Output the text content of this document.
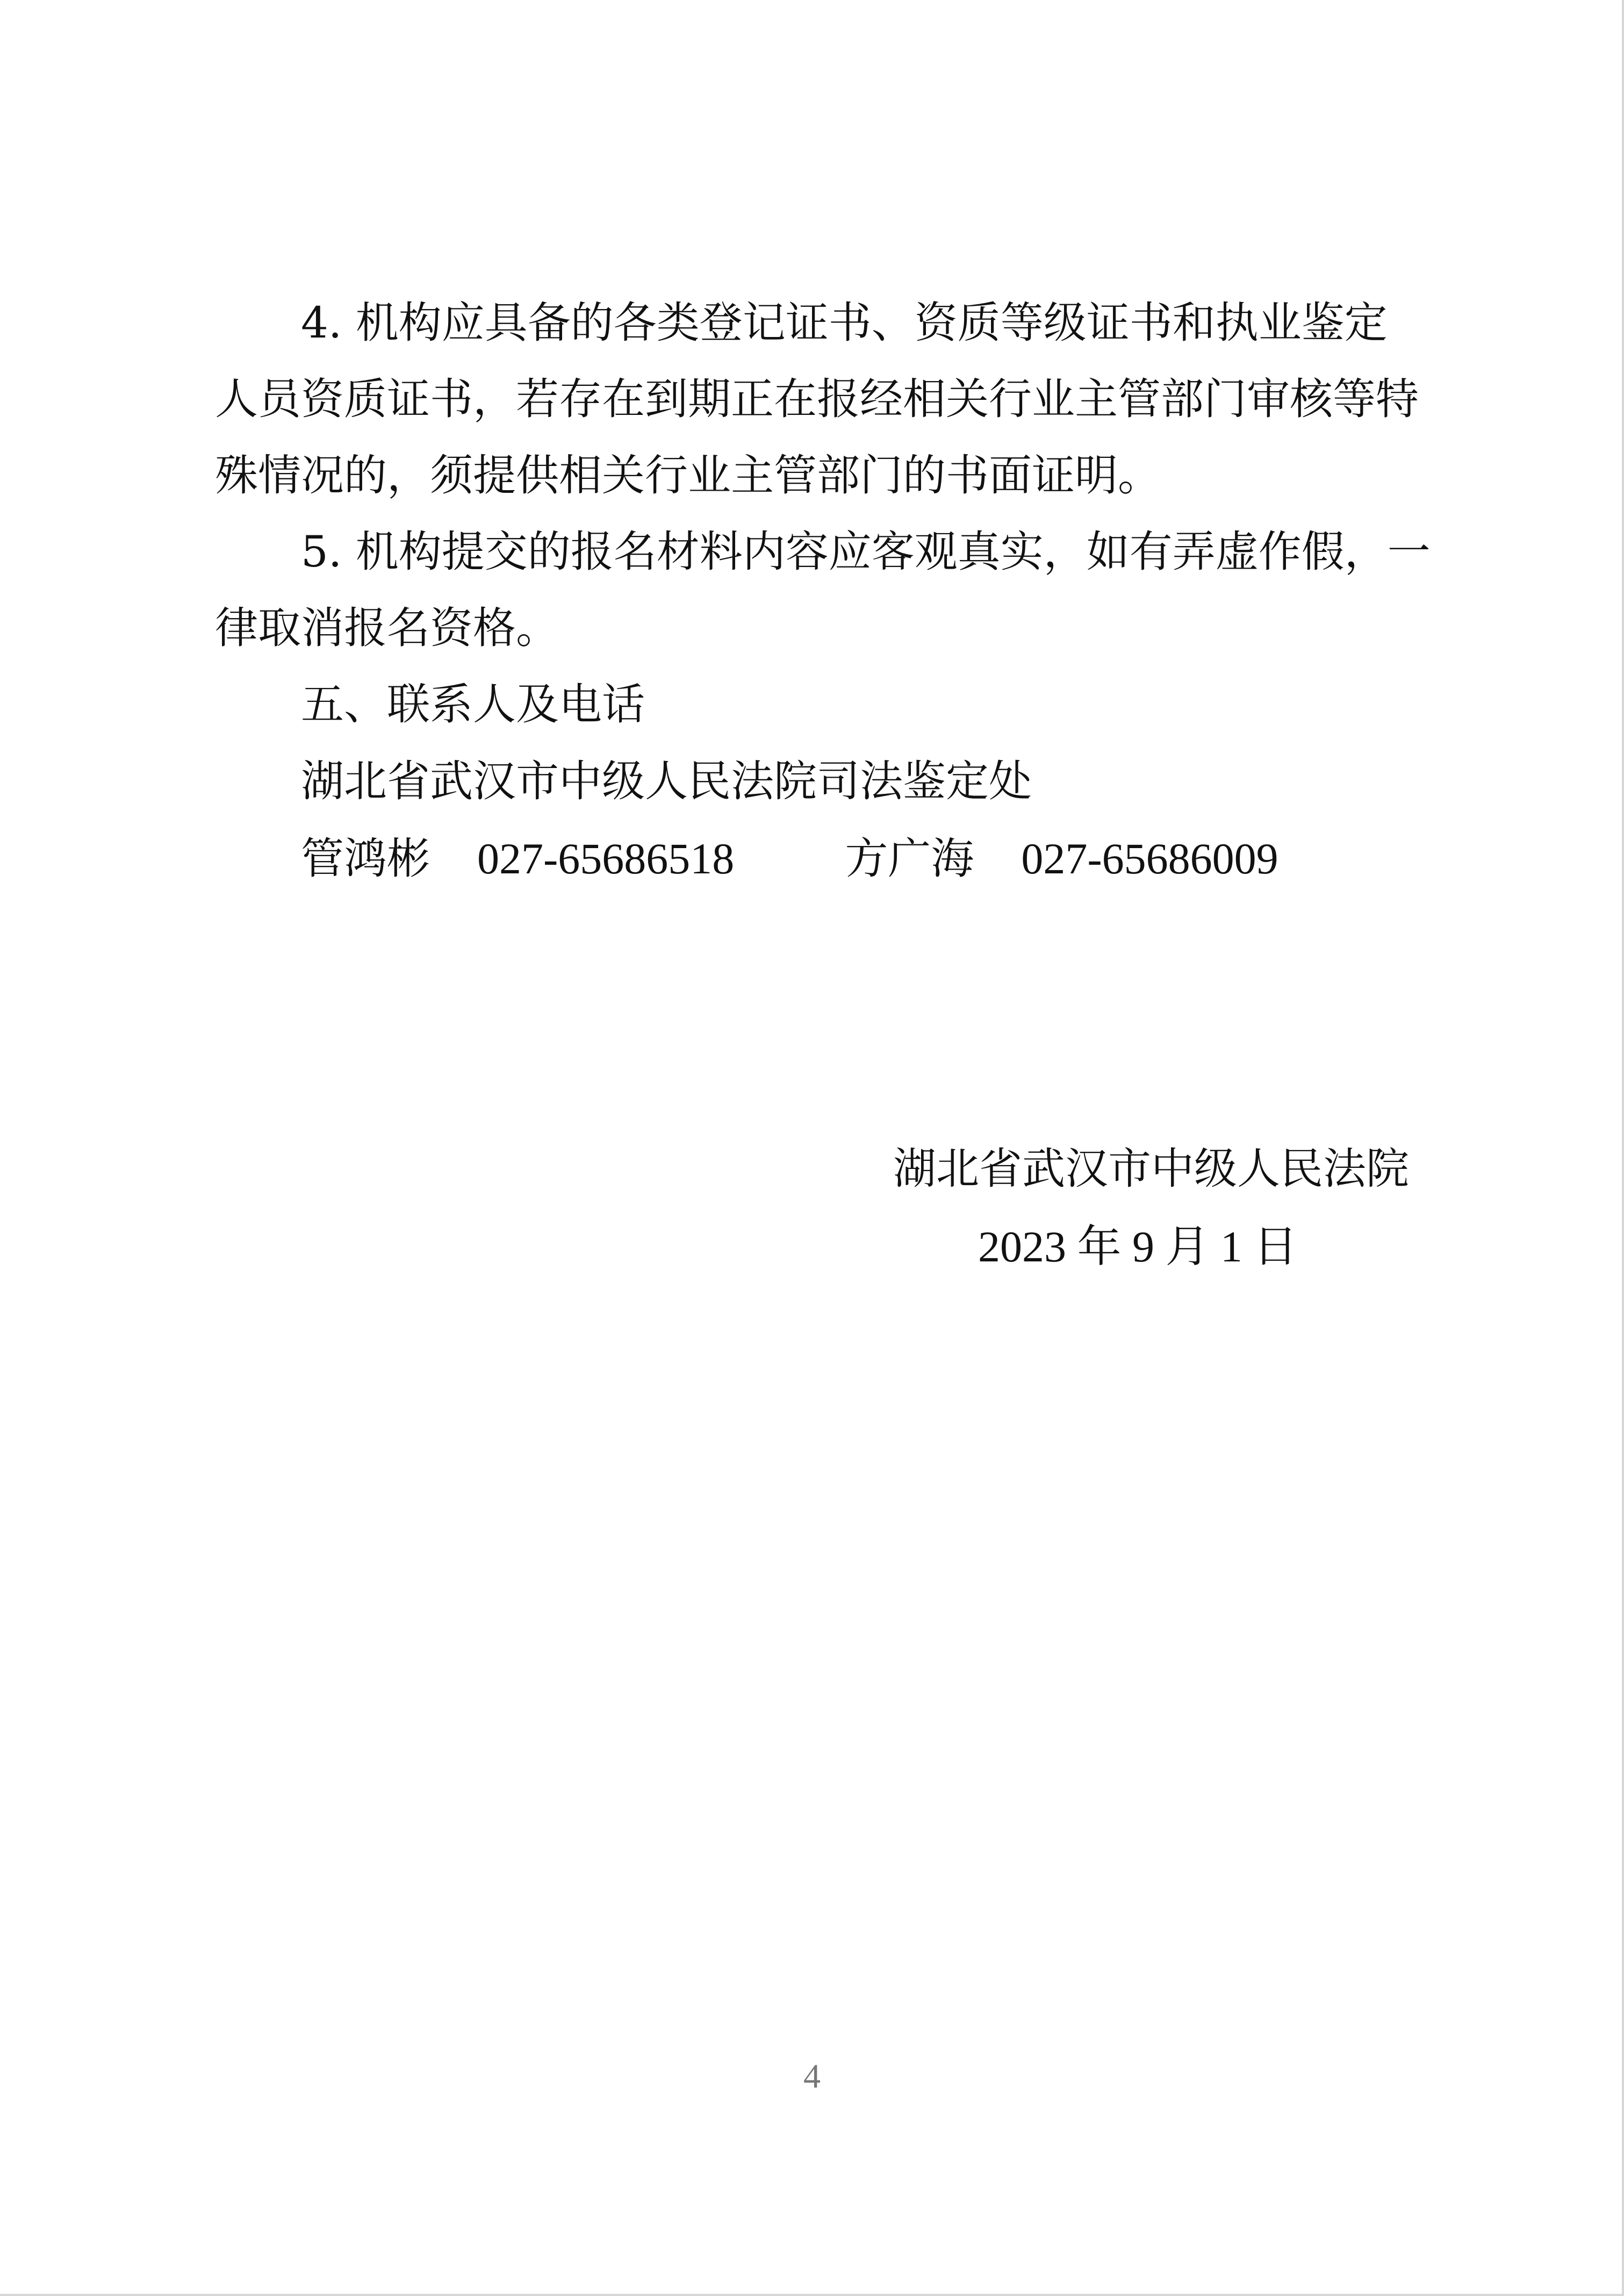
4. 机构应具备的各类登记证书、资质等级证书和执业鉴定

人员资质证书，若存在到期正在报经相关行业主管部门审核等特
殊情况的，须提供相关行业主管部门的书面证明。

5. 机构提交的报名材料内容应客观真实，如有弄虚作假，一

律取消报名资格。
五、联系人及电话
湖北省武汉市中级人民法院司法鉴定处
管鸿彬 027-65686518	方广海 027-65686009
湖北省武汉市中级人民法院
2023 年 9 月 1 日
4
